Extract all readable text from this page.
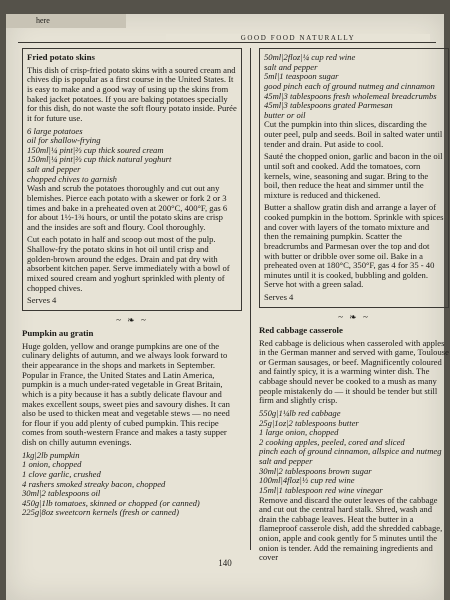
here
GOOD FOOD NATURALLY
Fried potato skins

This dish of crisp-fried potato skins with a soured cream and chives dip is popular as a first course in the United States. It is easy to make and a good way of using up the skins from baked jacket potatoes. If you are baking potatoes specially for this dish, do not waste the soft floury potato inside. Purée it for future use.

6 large potatoes
oil for shallow-frying
150ml|¼ pint|⅔ cup thick soured cream
150ml|¼ pint|⅔ cup thick natural yoghurt
salt and pepper
chopped chives to garnish

Wash and scrub the potatoes thoroughly and cut out any blemishes. Pierce each potato with a skewer or fork 2 or 3 times and bake in a preheated oven at 200°C, 400°F, gas 6 for about 1½-1¾ hours, or until the potato skins are crisp and the insides are soft and floury. Cool thoroughly.

Cut each potato in half and scoop out most of the pulp. Shallow-fry the potato skins in hot oil until crisp and golden-brown around the edges. Drain and pat dry with absorbent kitchen paper. Serve immediately with a bowl of mixed soured cream and yoghurt sprinkled with plenty of chopped chives.

Serves 4
~ ❧ ~
Pumpkin au gratin

Huge golden, yellow and orange pumpkins are one of the culinary delights of autumn, and we always look forward to their appearance in the shops and markets in September. Popular in France, the United States and Latin America, pumpkin is a much under-rated vegetable in Great Britain, which is a pity because it has a subtly delicate flavour and makes excellent soups, sweet pies and savoury dishes. It can also be used to thicken meat and vegetable stews — no need for flour if you add plenty of cubed pumpkin. This recipe comes from south-western France and makes a tasty supper dish on chilly autumn evenings.

1kg|2lb pumpkin
1 onion, chopped
1 clove garlic, crushed
4 rashers smoked streaky bacon, chopped
30ml|2 tablespoons oil
450g|1lb tomatoes, skinned or chopped (or canned)
225g|8oz sweetcorn kernels (fresh or canned)
50ml|2floz|¼ cup red wine
salt and pepper
5ml|1 teaspoon sugar
good pinch each of ground nutmeg and cinnamon
45ml|3 tablespoons fresh wholemeal breadcrumbs
45ml|3 tablespoons grated Parmesan
butter or oil

Cut the pumpkin into thin slices, discarding the outer peel, pulp and seeds. Boil in salted water until tender and drain. Put aside to cool.

Sauté the chopped onion, garlic and bacon in the oil until soft and cooked. Add the tomatoes, corn kernels, wine, seasoning and sugar. Bring to the boil, then reduce the heat and simmer until the mixture is reduced and thickened.

Butter a shallow gratin dish and arrange a layer of cooked pumpkin in the bottom. Sprinkle with spices and cover with layers of the tomato mixture and then the remaining pumpkin. Scatter the breadcrumbs and Parmesan over the top and dot with butter or dribble over some oil. Bake in a preheated oven at 180°C, 350°F, gas 4 for 35 - 40 minutes until it is cooked, bubbling and golden. Serve hot with a green salad.

Serves 4
~ ❧ ~
Red cabbage casserole

Red cabbage is delicious when casseroled with apples in the German manner and served with game, Toulouse or German sausages, or beef. Magnificently coloured and faintly spicy, it is a warming winter dish. The cabbage should never be cooked to a mush as many people mistakenly do — it should be tender but still firm and slightly crisp.

550g|1¼lb red cabbage
25g|1oz|2 tablespoons butter
1 large onion, chopped
2 cooking apples, peeled, cored and sliced
pinch each of ground cinnamon, allspice and nutmeg
salt and pepper
30ml|2 tablespoons brown sugar
100ml|4floz|½ cup red wine
15ml|1 tablespoon red wine vinegar

Remove and discard the outer leaves of the cabbage and cut out the central hard stalk. Shred, wash and drain the cabbage leaves. Heat the butter in a flameproof casserole dish, add the shredded cabbage, onion, apple and cook gently for 5 minutes until the onion is tender. Add the remaining ingredients and cover

140
